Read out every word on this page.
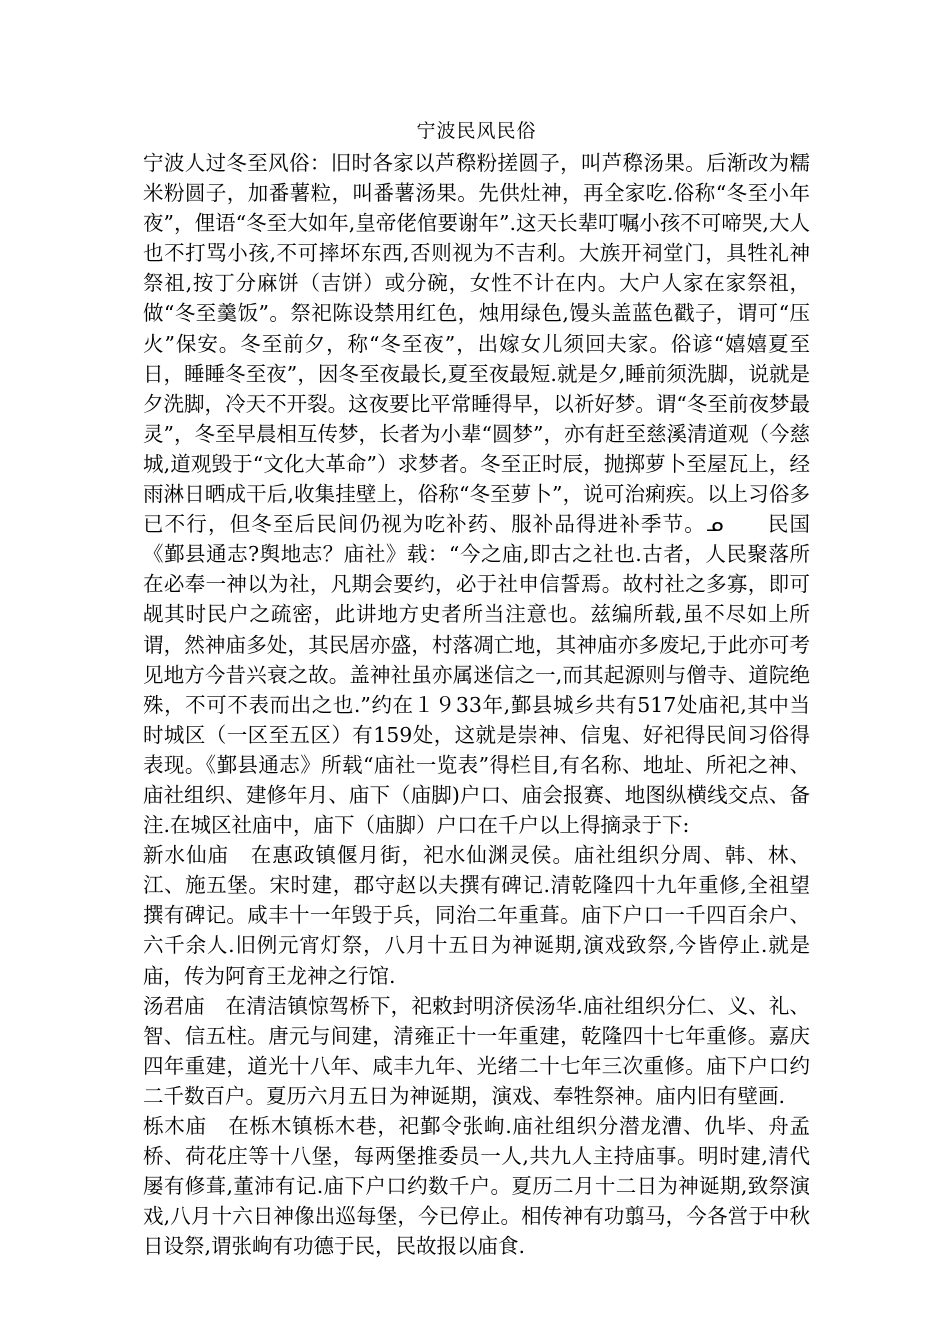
宁波民风民俗

宁波人过冬至风俗：旧时各家以芦穄粉搓圆子，叫芦穄汤果。后渐改为糯米粉圆子，加番薯粒，叫番薯汤果。先供灶神，再全家吃.俗称“冬至小年夜”，俚语“冬至大如年,皇帝佬倌要谢年”.这天长辈叮嘱小孩不可啼哭,大人也不打骂小孩,不可摔坏东西,否则视为不吉利。大族开祠堂门，具牲礼神祭祖,按丁分麻饼（吉饼）或分碗，女性不计在内。大户人家在家祭祖，做“冬至羹饭”。祭祀陈设禁用红色，烛用绿色,馒头盖蓝色戳子，谓可“压火”保安。冬至前夕，称“冬至夜”，出嫁女儿须回夫家。俗谚“嬉嬉夏至日，睡睡冬至夜”，因冬至夜最长,夏至夜最短.就是夕,睡前须洗脚，说就是夕洗脚，冷天不开裂。这夜要比平常睡得早，以祈好梦。谓“冬至前夜梦最灵”，冬至早晨相互传梦，长者为小辈“圆梦”，亦有赶至慈溪清道观（今慈城,道观毁于“文化大革命”）求梦者。冬至正时辰，抛掷萝卜至屋瓦上，经雨淋日晒成干后,收集挂壁上，俗称“冬至萝卜”，说可治痢疾。以上习俗多已不行，但冬至后民间仍视为吃补药、服补品得进补季节。ᓄ　　民国《鄞县通志?舆地志？庙社》载：“今之庙,即古之社也.古者，人民聚落所在必奉一神以为社，凡期会要约，必于社申信誓焉。故村社之多寡，即可觇其时民户之疏密，此讲地方史者所当注意也。兹编所载,虽不尽如上所谓，然神庙多处，其民居亦盛，村落凋亡地，其神庙亦多废圮,于此亦可考见地方今昔兴衰之故。盖神社虽亦属迷信之一,而其起源则与僧寺、道院绝殊，不可不表而出之也.”约在１９33年,鄞县城乡共有517处庙祀,其中当时城区（一区至五区）有159处，这就是崇神、信鬼、好祀得民间习俗得表现。《鄞县通志》所载“庙社一览表”得栏目,有名称、地址、所祀之神、庙社组织、建修年月、庙下（庙脚)户口、庙会报赛、地图纵横线交点、备注.在城区社庙中，庙下（庙脚）户口在千户以上得摘录于下:

新水仙庙　在惠政镇偃月街，祀水仙渊灵侯。庙社组织分周、韩、林、江、施五堡。宋时建，郡守赵以夫撰有碑记.清乾隆四十九年重修,全祖望撰有碑记。咸丰十一年毁于兵，同治二年重葺。庙下户口一千四百余户、六千余人.旧例元宵灯祭，八月十五日为神诞期,演戏致祭,今皆停止.就是庙，传为阿育王龙神之行馆.

汤君庙　在清洁镇惊驾桥下，祀敕封明济侯汤华.庙社组织分仁、义、礼、智、信五柱。唐元与间建，清雍正十一年重建，乾隆四十七年重修。嘉庆四年重建，道光十八年、咸丰九年、光绪二十七年三次重修。庙下户口约二千数百户。夏历六月五日为神诞期，演戏、奉牲祭神。庙内旧有壁画.

栎木庙　在栎木镇栎木巷，祀鄞令张峋.庙社组织分潜龙漕、仇毕、舟孟桥、荷花庄等十八堡，每两堡推委员一人,共九人主持庙事。明时建,清代屡有修葺,董沛有记.庙下户口约数千户。夏历二月十二日为神诞期,致祭演戏,八月十六日神像出巡每堡，今已停止。相传神有功翦马，今各営于中秋日设祭,谓张峋有功德于民，民故报以庙食.
